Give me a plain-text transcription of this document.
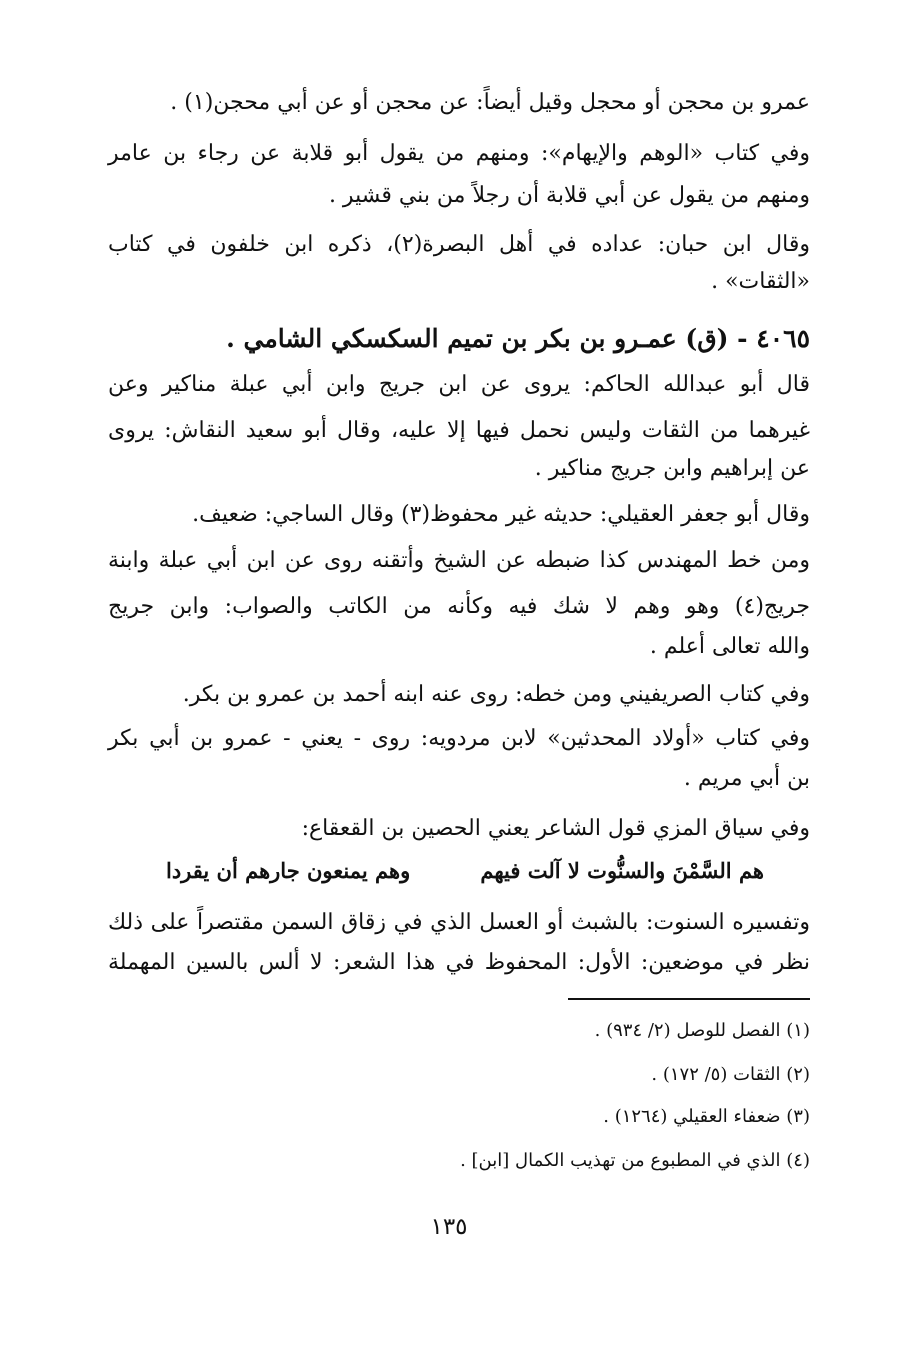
عمرو بن محجن أو محجل وقيل أيضاً: عن محجن أو عن أبي محجن(١) .
وفي كتاب «الوهم والإيهام»: ومنهم من يقول أبو قلابة عن رجاء بن عامر
ومنهم من يقول عن أبي قلابة أن رجلاً من بني قشير .
وقال ابن حبان: عداده في أهل البصرة(٢)، ذكره ابن خلفون في كتاب
«الثقات» .
٤٠٦٥ - (ق) عمـرو بن بكر بن تميم السكسكي الشامي .
قال أبو عبدالله الحاكم: يروى عن ابن جريج وابن أبي عبلة مناكير وعن
غيرهما من الثقات وليس نحمل فيها إلا عليه، وقال أبو سعيد النقاش: يروى
عن إبراهيم وابن جريج مناكير .
وقال أبو جعفر العقيلي: حديثه غير محفوظ(٣) وقال الساجي: ضعيف.
ومن خط المهندس كذا ضبطه عن الشيخ وأتقنه روى عن ابن أبي عبلة وابنة
جريج(٤) وهو وهم لا شك فيه وكأنه من الكاتب والصواب: وابن جريج
والله تعالى أعلم .
وفي كتاب الصريفيني ومن خطه: روى عنه ابنه أحمد بن عمرو بن بكر.
وفي كتاب «أولاد المحدثين» لابن مردويه: روى - يعني - عمرو بن أبي بكر
بن أبي مريم .
وفي سياق المزي قول الشاعر يعني الحصين بن القعقاع:
هم السَّمْنَ والسنُّوت لا آلت فيهم
وهم يمنعون جارهم أن يقردا
وتفسيره السنوت: بالشبث أو العسل الذي في زقاق السمن مقتصراً على ذلك
نظر في موضعين: الأول: المحفوظ في هذا الشعر: لا ألس بالسين المهملة
(١) الفصل للوصل (٢/ ٩٣٤) .
(٢) الثقات (٥/ ١٧٢) .
(٣) ضعفاء العقيلي (١٢٦٤) .
(٤) الذي في المطبوع من تهذيب الكمال [ابن] .
١٣٥
